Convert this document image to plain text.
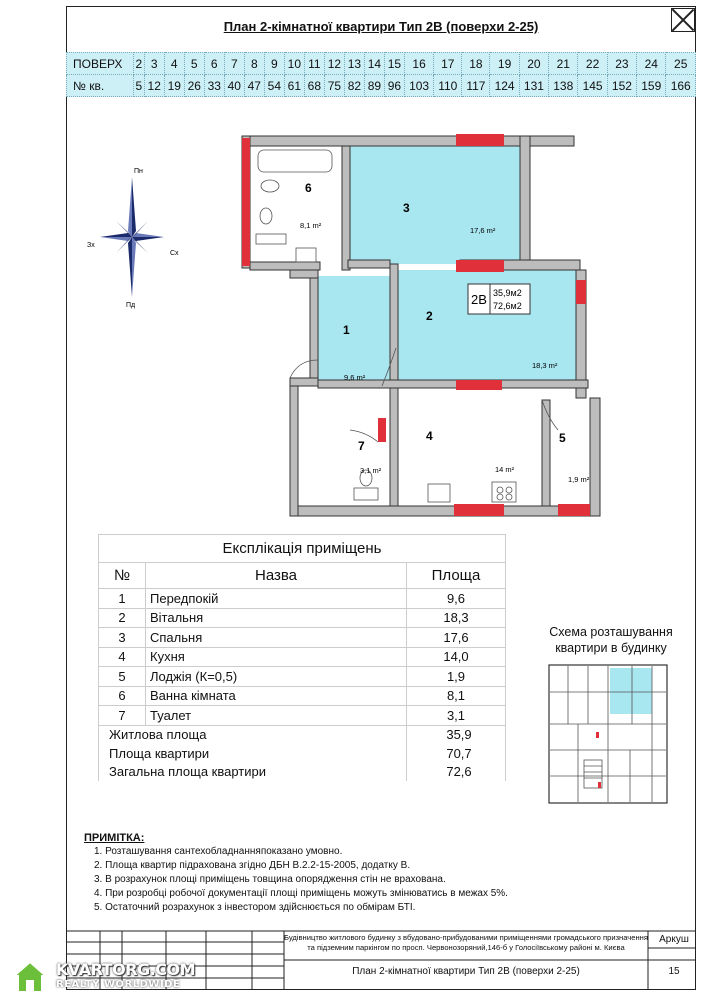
План 2-кімнатної квартири Тип 2В (поверхи 2-25)
ПОВЕРХ	2	3	4	5	6	7	8	9	10	11	12	13	14	15	16	17	18	19	20	21	22	23	24	25
№ кв.	5	12	19	26	33	40	47	54	61	68	75	82	89	96	103	110	117	124	131	138	145	152	159	166
Пн
Пд
Зх
Сх
6
3
1
2
4	5
7
8,1 m²
17,6 m²
9,6 m²
18,3 m²
14 m²
1,9 m²
3,1 m²
2В 35,9м2
72,6м2
Експлікація приміщень		
№	Назва	Площа
1	Передпокій	9,6
2	Вітальня	18,3
3	Спальня	17,6
4	Кухня	14,0
5	Лоджія (К=0,5)	1,9
6	Ванна кімната	8,1
7	Туалет	3,1
Житлова площа		35,9
Площа квартири		70,7
Загальна площа квартири		72,6
Схема розташування квартири в будинку
ПРИМІТКА:
1. Розташування сантехобладнанняпоказано умовно.
2. Площа квартир підрахована згідно ДБН В.2.2-15-2005, додатку В.
3. В розрахунок площі приміщень товщина опорядження стін не врахована.
4. При розробці робочої документації площі приміщень можуть змінюватись в межах 5%.
5. Остаточний розрахунок з інвестором здійснюється по обмірам БТІ.
Будівництво житлового будинку з вбудовано-прибудованими приміщеннями громадського призначення та підземним паркінгом по просп. Червонозоряний,146-б у Голосіївському районі м. Києва
План 2-кімнатної квартири Тип 2В (поверхи 2-25)
Аркуш
15
KVARTORG.COM
REALTY WORLDWIDE
